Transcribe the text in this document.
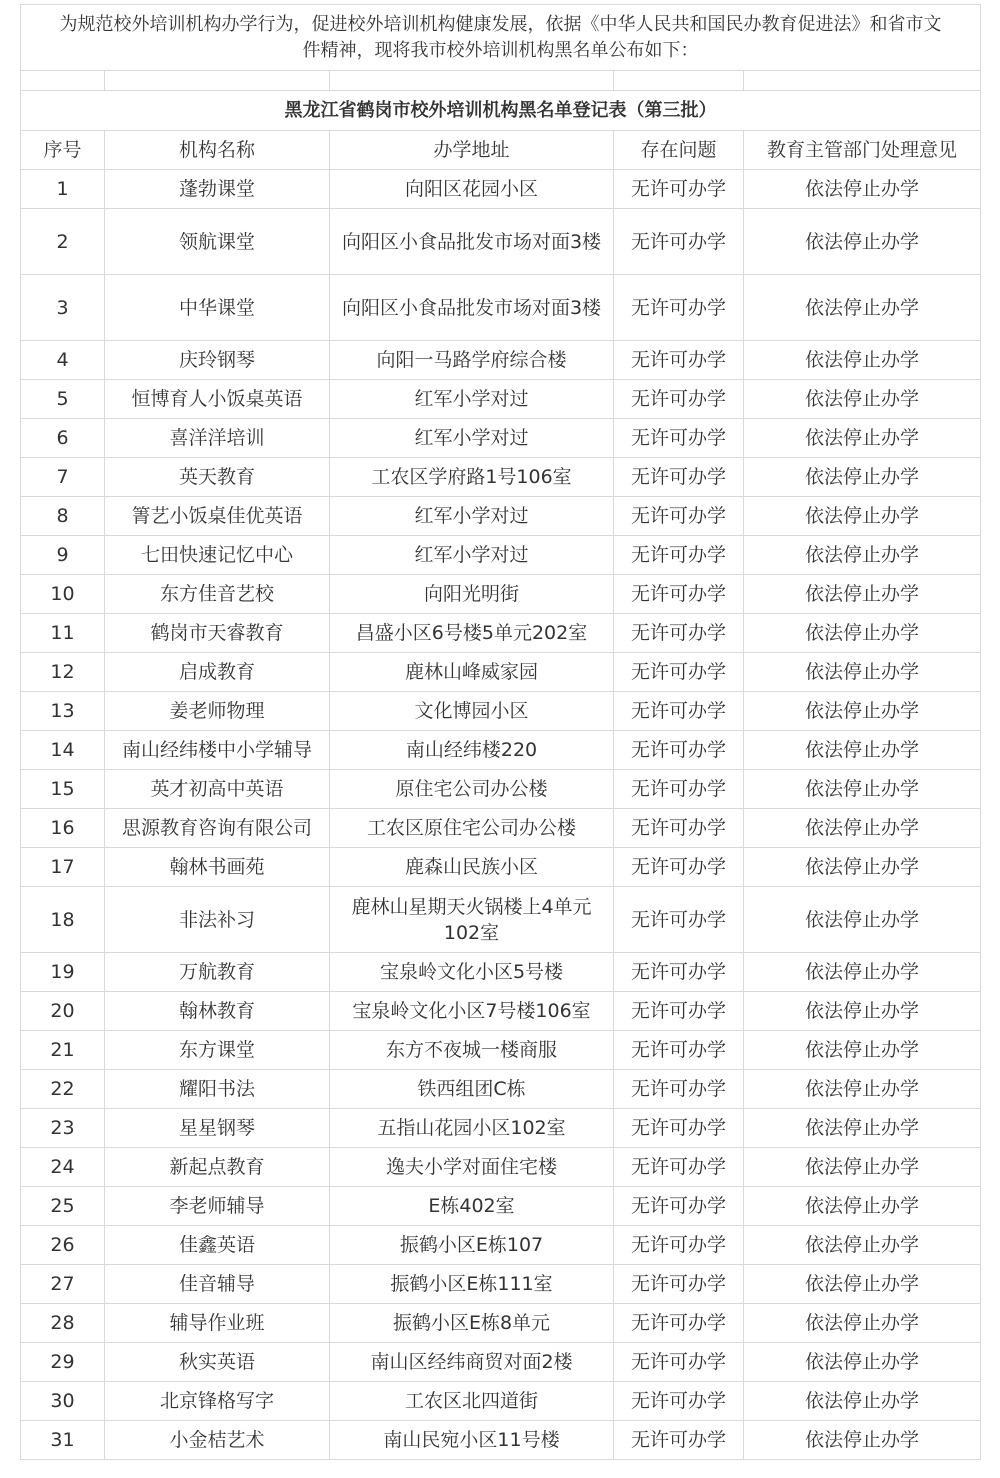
为规范校外培训机构办学行为，促进校外培训机构健康发展，依据《中华人民共和国民办教育促进法》和省市文件精神，现将我市校外培训机构黑名单公布如下：				

黑龙江省鹤岗市校外培训机构黑名单登记表（第三批）				
序号	机构名称	办学地址	存在问题	教育主管部门处理意见
1	蓬勃课堂	向阳区花园小区	无许可办学	依法停止办学
2	领航课堂	向阳区小食品批发市场对面3楼	无许可办学	依法停止办学
3	中华课堂	向阳区小食品批发市场对面3楼	无许可办学	依法停止办学
4	庆玲钢琴	向阳一马路学府综合楼	无许可办学	依法停止办学
5	恒博育人小饭桌英语	红军小学对过	无许可办学	依法停止办学
6	喜洋洋培训	红军小学对过	无许可办学	依法停止办学
7	英天教育	工农区学府路1号106室	无许可办学	依法停止办学
8	箐艺小饭桌佳优英语	红军小学对过	无许可办学	依法停止办学
9	七田快速记忆中心	红军小学对过	无许可办学	依法停止办学
10	东方佳音艺校	向阳光明街	无许可办学	依法停止办学
11	鹤岗市天睿教育	昌盛小区6号楼5单元202室	无许可办学	依法停止办学
12	启成教育	鹿林山峰威家园	无许可办学	依法停止办学
13	姜老师物理	文化博园小区	无许可办学	依法停止办学
14	南山经纬楼中小学辅导	南山经纬楼220	无许可办学	依法停止办学
15	英才初高中英语	原住宅公司办公楼	无许可办学	依法停止办学
16	思源教育咨询有限公司	工农区原住宅公司办公楼	无许可办学	依法停止办学
17	翰林书画苑	鹿森山民族小区	无许可办学	依法停止办学
18	非法补习	鹿林山星期天火锅楼上4单元102室	无许可办学	依法停止办学
19	万航教育	宝泉岭文化小区5号楼	无许可办学	依法停止办学
20	翰林教育	宝泉岭文化小区7号楼106室	无许可办学	依法停止办学
21	东方课堂	东方不夜城一楼商服	无许可办学	依法停止办学
22	耀阳书法	铁西组团C栋	无许可办学	依法停止办学
23	星星钢琴	五指山花园小区102室	无许可办学	依法停止办学
24	新起点教育	逸夫小学对面住宅楼	无许可办学	依法停止办学
25	李老师辅导	E栋402室	无许可办学	依法停止办学
26	佳鑫英语	振鹤小区E栋107	无许可办学	依法停止办学
27	佳音辅导	振鹤小区E栋111室	无许可办学	依法停止办学
28	辅导作业班	振鹤小区E栋8单元	无许可办学	依法停止办学
29	秋实英语	南山区经纬商贸对面2楼	无许可办学	依法停止办学
30	北京锋格写字	工农区北四道街	无许可办学	依法停止办学
31	小金桔艺术	南山民宛小区11号楼	无许可办学	依法停止办学
